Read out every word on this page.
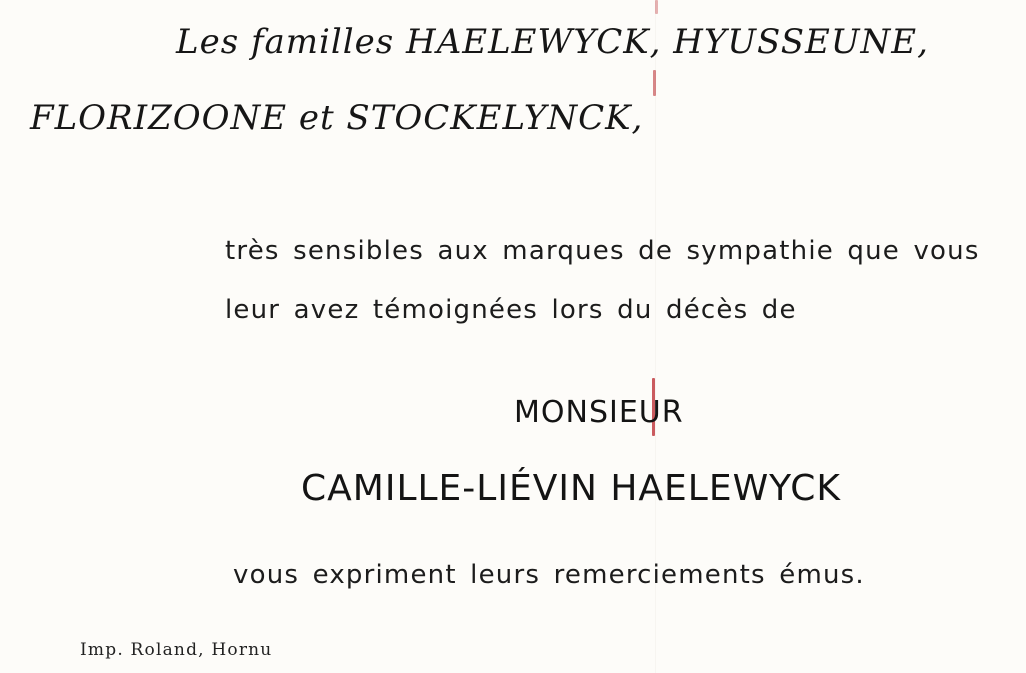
Les familles HAELEWYCK, HYUSSEUNE,
FLORIZOONE et STOCKELYNCK,
très sensibles aux marques de sympathie que vous
leur avez témoignées lors du décès de
MONSIEUR
CAMILLE-LIÉVIN HAELEWYCK
vous expriment leurs remerciements émus.
Imp. Roland, Hornu
